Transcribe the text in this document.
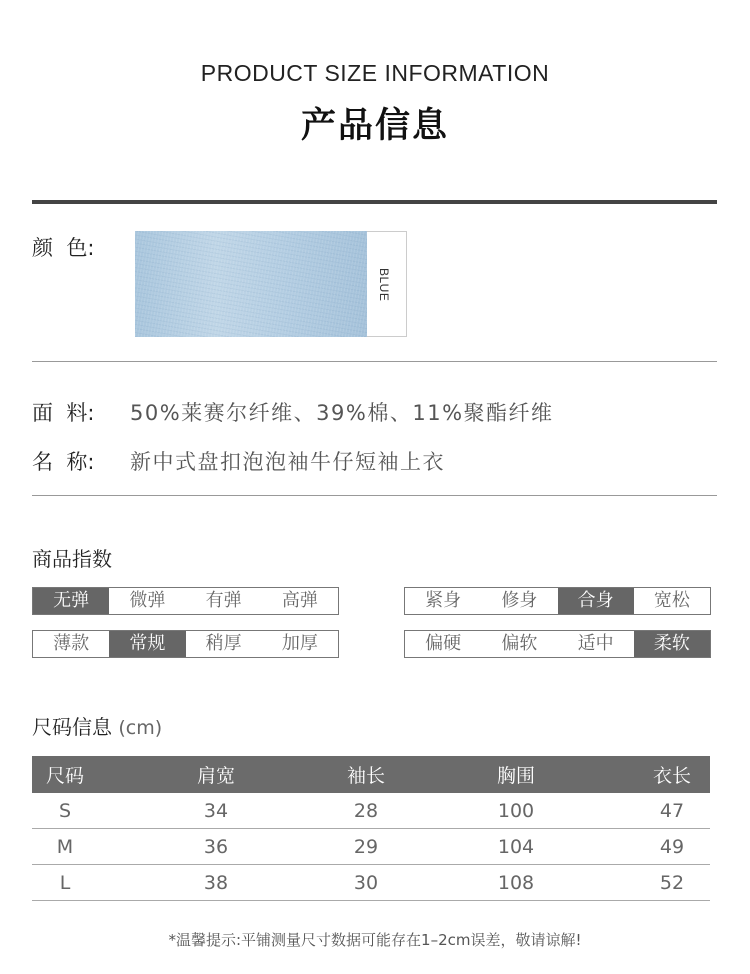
PRODUCT SIZE INFORMATION
产品信息
颜  色:
BLUE
面  料: 50%莱赛尔纤维、39%棉、11%聚酯纤维
名  称: 新中式盘扣泡泡袖牛仔短袖上衣
商品指数
无弹	微弹	有弹	高弹	紧身	修身	合身	宽松
薄款	常规	稍厚	加厚	偏硬	偏软	适中	柔软
尺码信息 (cm)
尺码	肩宽	袖长	胸围	衣长
S	34	28	100	47
M	36	29	104	49
L	38	30	108	52
*温馨提示:平铺测量尺寸数据可能存在1–2cm误差，敬请谅解!
